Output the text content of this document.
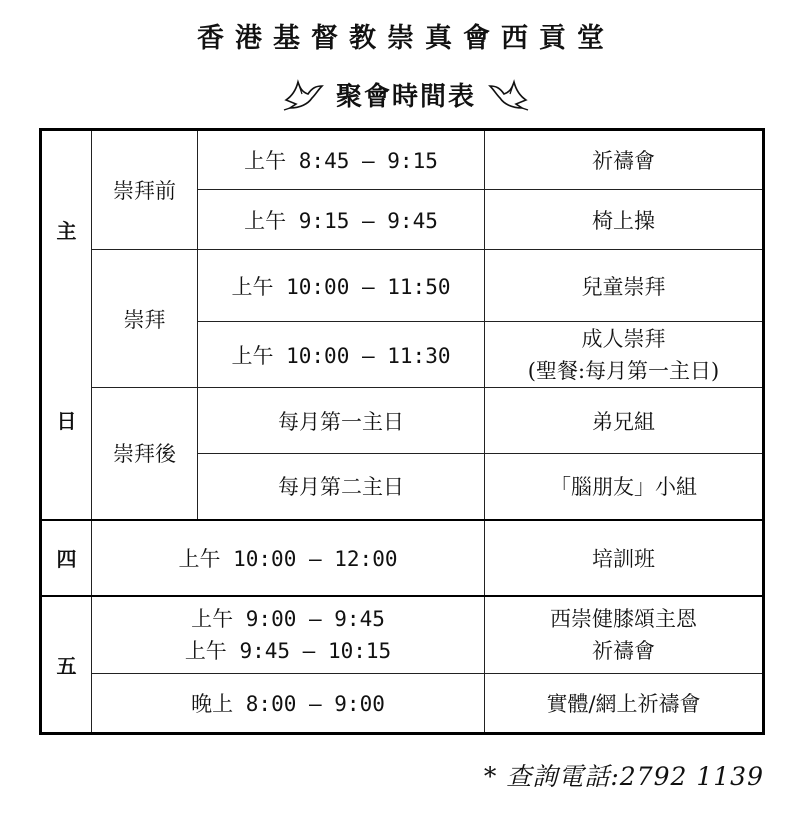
香港基督教崇真會西貢堂
聚會時間表
主
日	崇拜前	上午 8:45 – 9:15	祈禱會
		上午 9:15 – 9:45	椅上操
	崇拜	上午 10:00 – 11:50	兒童崇拜
		上午 10:00 – 11:30	成人崇拜
(聖餐:每月第一主日)

	崇拜後	每月第一主日	弟兄組
		每月第二主日	「腦朋友」小組
四	上午 10:00 – 12:00		培訓班
五	上午 9:00 – 9:45
上午 9:45 – 10:15		西崇健膝頌主恩
祈禱會

	晚上 8:00 – 9:00		實體/網上祈禱會
* 查詢電話:2792 1139
